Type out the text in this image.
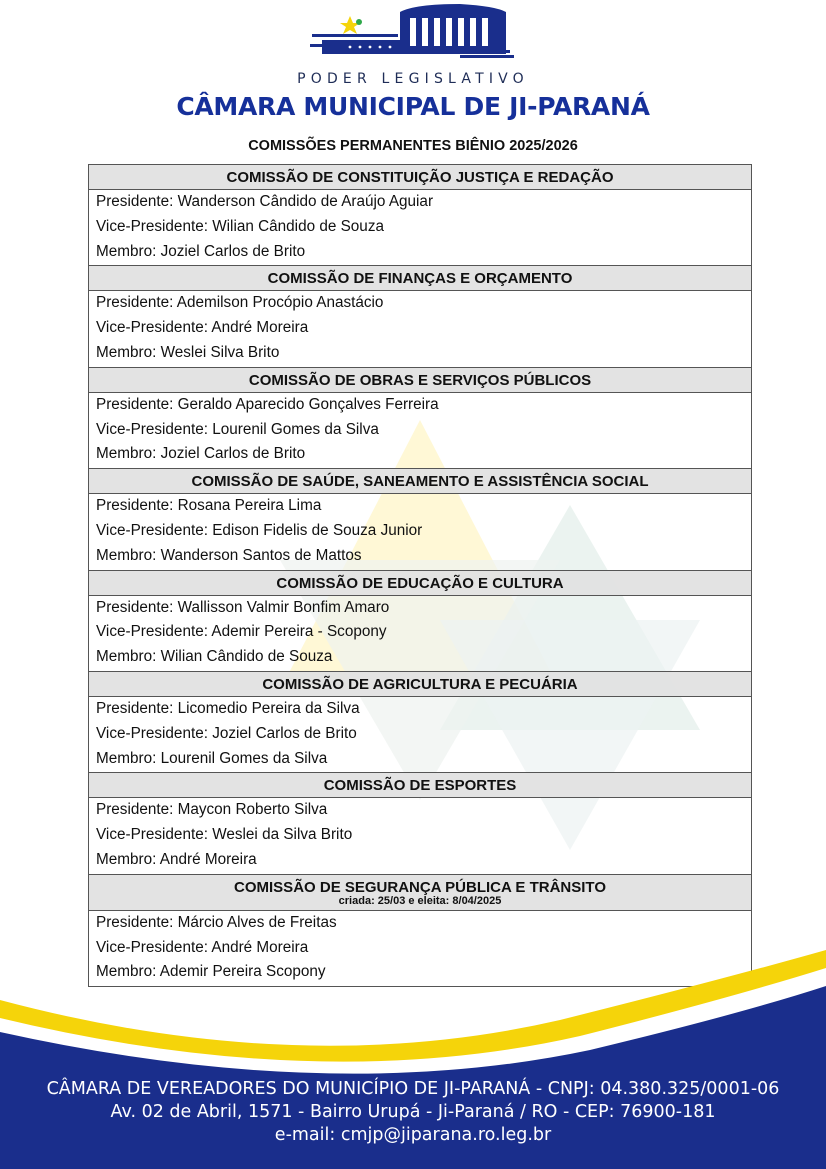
PODER LEGISLATIVO
CÂMARA MUNICIPAL DE JI-PARANÁ
COMISSÕES PERMANENTES BIÊNIO 2025/2026
COMISSÃO DE CONSTITUIÇÃO JUSTIÇA E REDAÇÃO
Presidente: Wanderson Cândido de Araújo Aguiar
Vice-Presidente: Wilian Cândido de Souza
Membro: Joziel Carlos de Brito
COMISSÃO DE FINANÇAS E ORÇAMENTO
Presidente: Ademilson Procópio Anastácio
Vice-Presidente: André Moreira
Membro: Weslei Silva Brito
COMISSÃO DE OBRAS E SERVIÇOS PÚBLICOS
Presidente: Geraldo Aparecido Gonçalves Ferreira
Vice-Presidente: Lourenil Gomes da Silva
Membro: Joziel Carlos de Brito
COMISSÃO DE SAÚDE, SANEAMENTO E ASSISTÊNCIA SOCIAL
Presidente: Rosana Pereira Lima
Vice-Presidente: Edison Fidelis de Souza Junior
Membro: Wanderson Santos de Mattos
COMISSÃO DE EDUCAÇÃO E CULTURA
Presidente: Wallisson Valmir Bonfim Amaro
Vice-Presidente: Ademir Pereira - Scopony
Membro: Wilian Cândido de Souza
COMISSÃO DE AGRICULTURA E PECUÁRIA
Presidente: Licomedio Pereira da Silva
Vice-Presidente: Joziel Carlos de Brito
Membro: Lourenil Gomes da Silva
COMISSÃO DE ESPORTES
Presidente: Maycon Roberto Silva
Vice-Presidente: Weslei da Silva Brito
Membro: André Moreira
COMISSÃO DE SEGURANÇA PÚBLICA E TRÂNSITO
criada: 25/03 e eleita: 8/04/2025
Presidente: Márcio Alves de Freitas
Vice-Presidente: André Moreira
Membro: Ademir Pereira Scopony
CÂMARA DE VEREADORES DO MUNICÍPIO DE JI-PARANÁ - CNPJ: 04.380.325/0001-06
Av. 02 de Abril, 1571 - Bairro Urupá - Ji-Paraná / RO - CEP: 76900-181
e-mail: cmjp@jiparana.ro.leg.br
